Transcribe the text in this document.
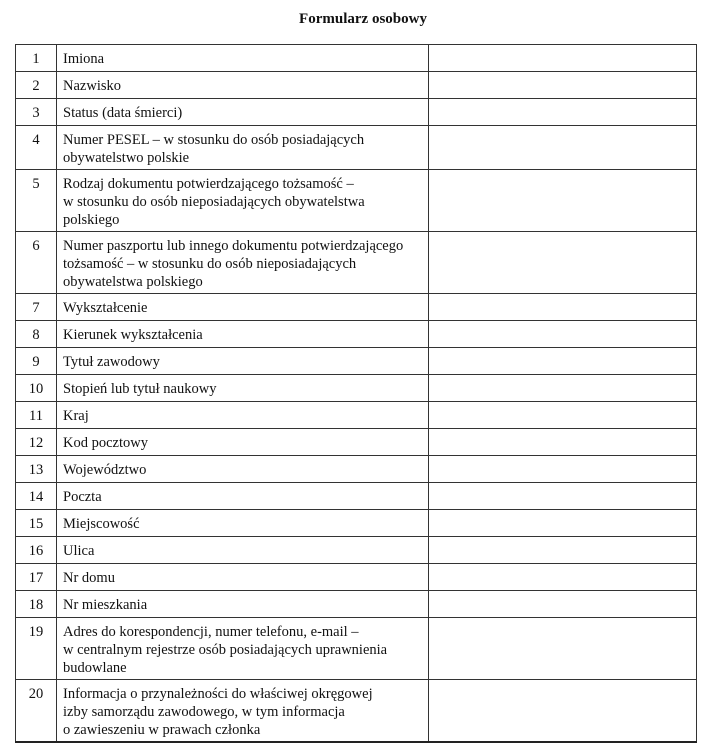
Formularz osobowy
1	Imiona	

2	Nazwisko	

3	Status (data śmierci)	

4	Numer PESEL – w stosunku do osób posiadających
obywatelstwo polskie	

5	Rodzaj dokumentu potwierdzającego tożsamość –
w stosunku do osób nieposiadających obywatelstwa
polskiego	

6	Numer paszportu lub innego dokumentu potwierdzającego
tożsamość – w stosunku do osób nieposiadających
obywatelstwa polskiego	

7	Wykształcenie	

8	Kierunek wykształcenia	

9	Tytuł zawodowy	

10	Stopień lub tytuł naukowy	

11	Kraj	

12	Kod pocztowy	

13	Województwo	

14	Poczta	

15	Miejscowość	

16	Ulica	

17	Nr domu	

18	Nr mieszkania	

19	Adres do korespondencji, numer telefonu, e-mail –
w centralnym rejestrze osób posiadających uprawnienia
budowlane	

20	Informacja o przynależności do właściwej okręgowej
izby samorządu zawodowego, w tym informacja
o zawieszeniu w prawach członka	
